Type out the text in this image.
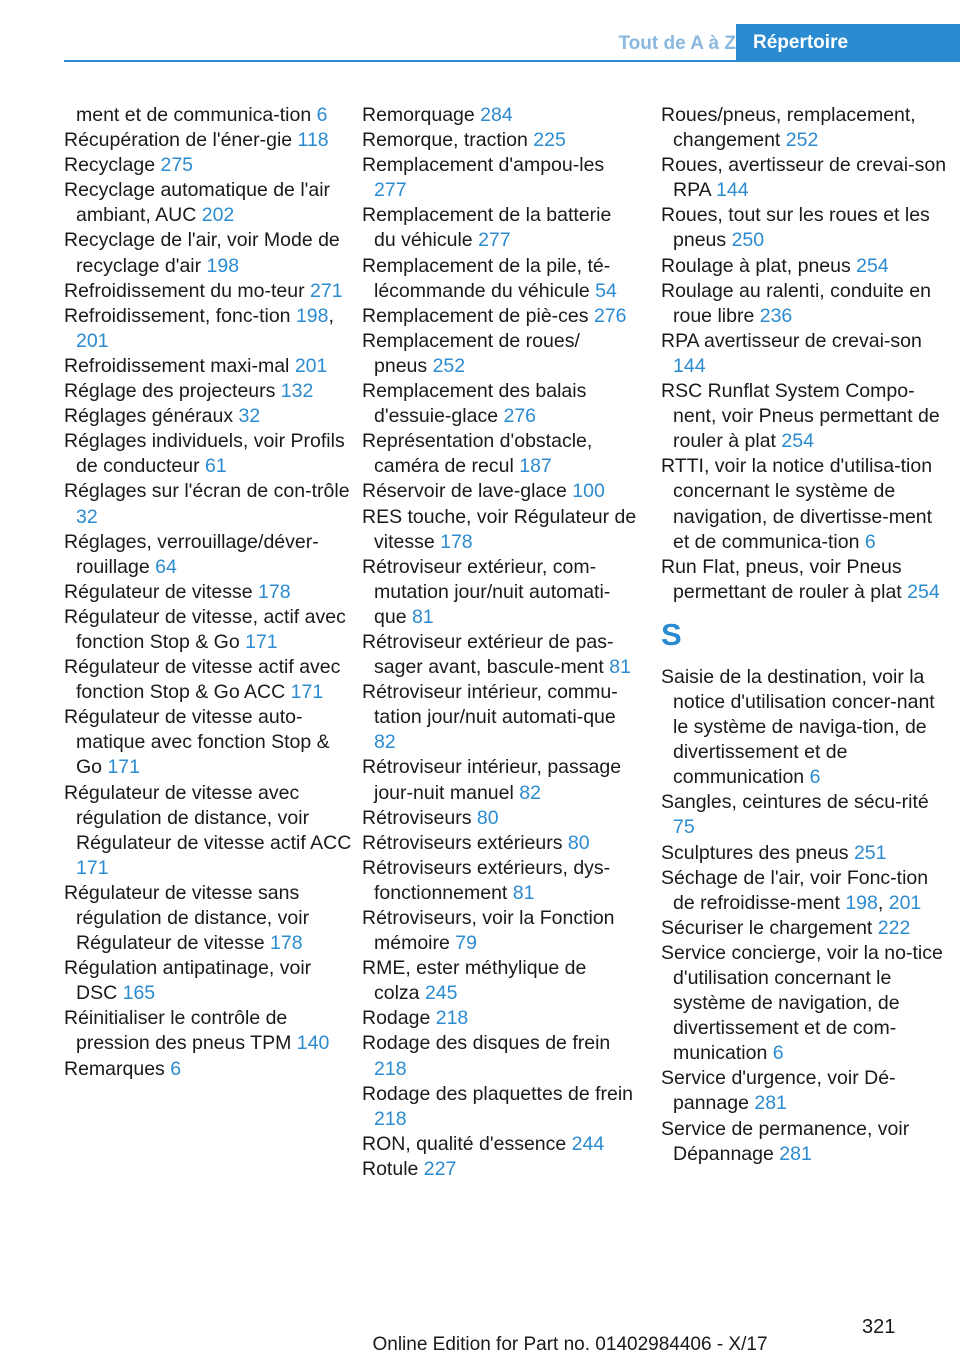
Tout de A à Z Répertoire

ment et de communica-tion 6

Récupération de l'éner-gie 118

Recyclage 275

Recyclage automatique de l'air ambiant, AUC 202

Recyclage de l'air, voir Mode de recyclage d'air 198

Refroidissement du mo-teur 271

Refroidissement, fonc-tion 198, 201

Refroidissement maxi-mal 201

Réglage des projecteurs 132

Réglages généraux 32

Réglages individuels, voir Profils de conducteur 61

Réglages sur l'écran de con-trôle 32

Réglages, verrouillage/déver-rouillage 64

Régulateur de vitesse 178

Régulateur de vitesse, actif avec fonction Stop & Go 171

Régulateur de vitesse actif avec fonction Stop & Go ACC 171

Régulateur de vitesse auto-matique avec fonction Stop & Go 171

Régulateur de vitesse avec régulation de distance, voir Régulateur de vitesse actif ACC 171

Régulateur de vitesse sans régulation de distance, voir Régulateur de vitesse 178

Régulation antipatinage, voir DSC 165

Réinitialiser le contrôle de pression des pneus TPM 140

Remarques 6

Remorquage 284

Remorque, traction 225

Remplacement d'ampou-les 277

Remplacement de la batterie du véhicule 277

Remplacement de la pile, té-lécommande du véhicule 54

Remplacement de piè-ces 276

Remplacement de roues/ pneus 252

Remplacement des balais d'essuie-glace 276

Représentation d'obstacle, caméra de recul 187

Réservoir de lave-glace 100

RES touche, voir Régulateur de vitesse 178

Rétroviseur extérieur, com-mutation jour/nuit automati-que 81

Rétroviseur extérieur de pas-sager avant, bascule-ment 81

Rétroviseur intérieur, commu-tation jour/nuit automati-que 82

Rétroviseur intérieur, passage jour-nuit manuel 82

Rétroviseurs 80

Rétroviseurs extérieurs 80

Rétroviseurs extérieurs, dys-fonctionnement 81

Rétroviseurs, voir la Fonction mémoire 79

RME, ester méthylique de colza 245

Rodage 218

Rodage des disques de frein 218

Rodage des plaquettes de frein 218

RON, qualité d'essence 244

Rotule 227

Roues/pneus, remplacement, changement 252

Roues, avertisseur de crevai-son RPA 144

Roues, tout sur les roues et les pneus 250

Roulage à plat, pneus 254

Roulage au ralenti, conduite en roue libre 236

RPA avertisseur de crevai-son 144

RSC Runflat System Compo-nent, voir Pneus permettant de rouler à plat 254

RTTI, voir la notice d'utilisa-tion concernant le système de navigation, de divertisse-ment et de communica-tion 6

Run Flat, pneus, voir Pneus permettant de rouler à plat 254

S

Saisie de la destination, voir la notice d'utilisation concer-nant le système de naviga-tion, de divertissement et de communication 6

Sangles, ceintures de sécu-rité 75

Sculptures des pneus 251

Séchage de l'air, voir Fonc-tion de refroidisse-ment 198, 201

Sécuriser le chargement 222

Service concierge, voir la no-tice d'utilisation concernant le système de navigation, de divertissement et de com-munication 6

Service d'urgence, voir Dé-pannage 281

Service de permanence, voir Dépannage 281

321
Online Edition for Part no. 01402984406 - X/17
